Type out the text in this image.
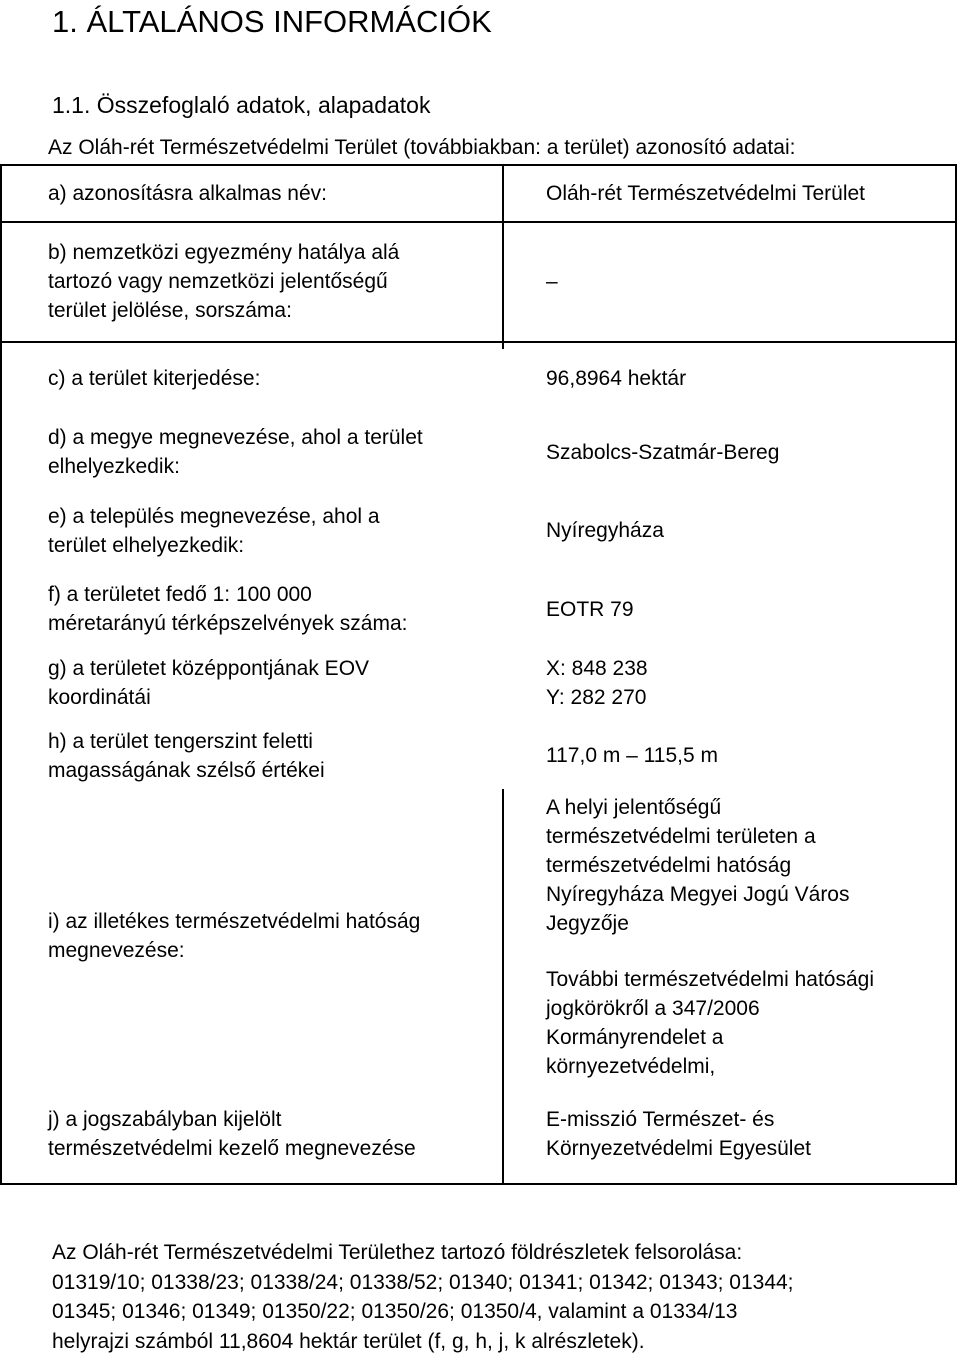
1. ÁLTALÁNOS INFORMÁCIÓK
1.1. Összefoglaló adatok, alapadatok
Az Oláh-rét Természetvédelmi Terület (továbbiakban: a terület) azonosító adatai:
a) azonosításra alkalmas név:	Oláh-rét Természetvédelmi Terület
b) nemzetközi egyezmény hatálya alá
tartozó vagy nemzetközi jelentőségű
terület jelölése, sorszáma:
–
c) a terület kiterjedése:	96,8964 hektár
d) a megye megnevezése, ahol a terület
elhelyezkedik:
Szabolcs-Szatmár-Bereg
e) a település megnevezése, ahol a
terület elhelyezkedik:
Nyíregyháza
f) a területet fedő 1: 100 000
méretarányú térképszelvények száma:
EOTR 79
g) a területet középpontjának EOV
koordinátái
X: 848 238
Y: 282 270
h) a terület tengerszint feletti
magasságának szélső értékei
117,0 m – 115,5 m
i) az illetékes természetvédelmi hatóság
megnevezése:
A helyi jelentőségű
természetvédelmi területen a
természetvédelmi hatóság
Nyíregyháza Megyei Jogú Város
Jegyzője
További természetvédelmi hatósági
jogkörökről a 347/2006
Kormányrendelet a
környezetvédelmi,
j) a jogszabályban kijelölt
természetvédelmi kezelő megnevezése
E-misszió Természet- és
Környezetvédelmi Egyesület
Az Oláh-rét Természetvédelmi Területhez tartozó földrészletek felsorolása:
01319/10; 01338/23; 01338/24; 01338/52; 01340; 01341; 01342; 01343; 01344;
01345; 01346; 01349; 01350/22; 01350/26; 01350/4, valamint a 01334/13
helyrajzi számból 11,8604 hektár terület (f, g, h, j, k alrészletek).
